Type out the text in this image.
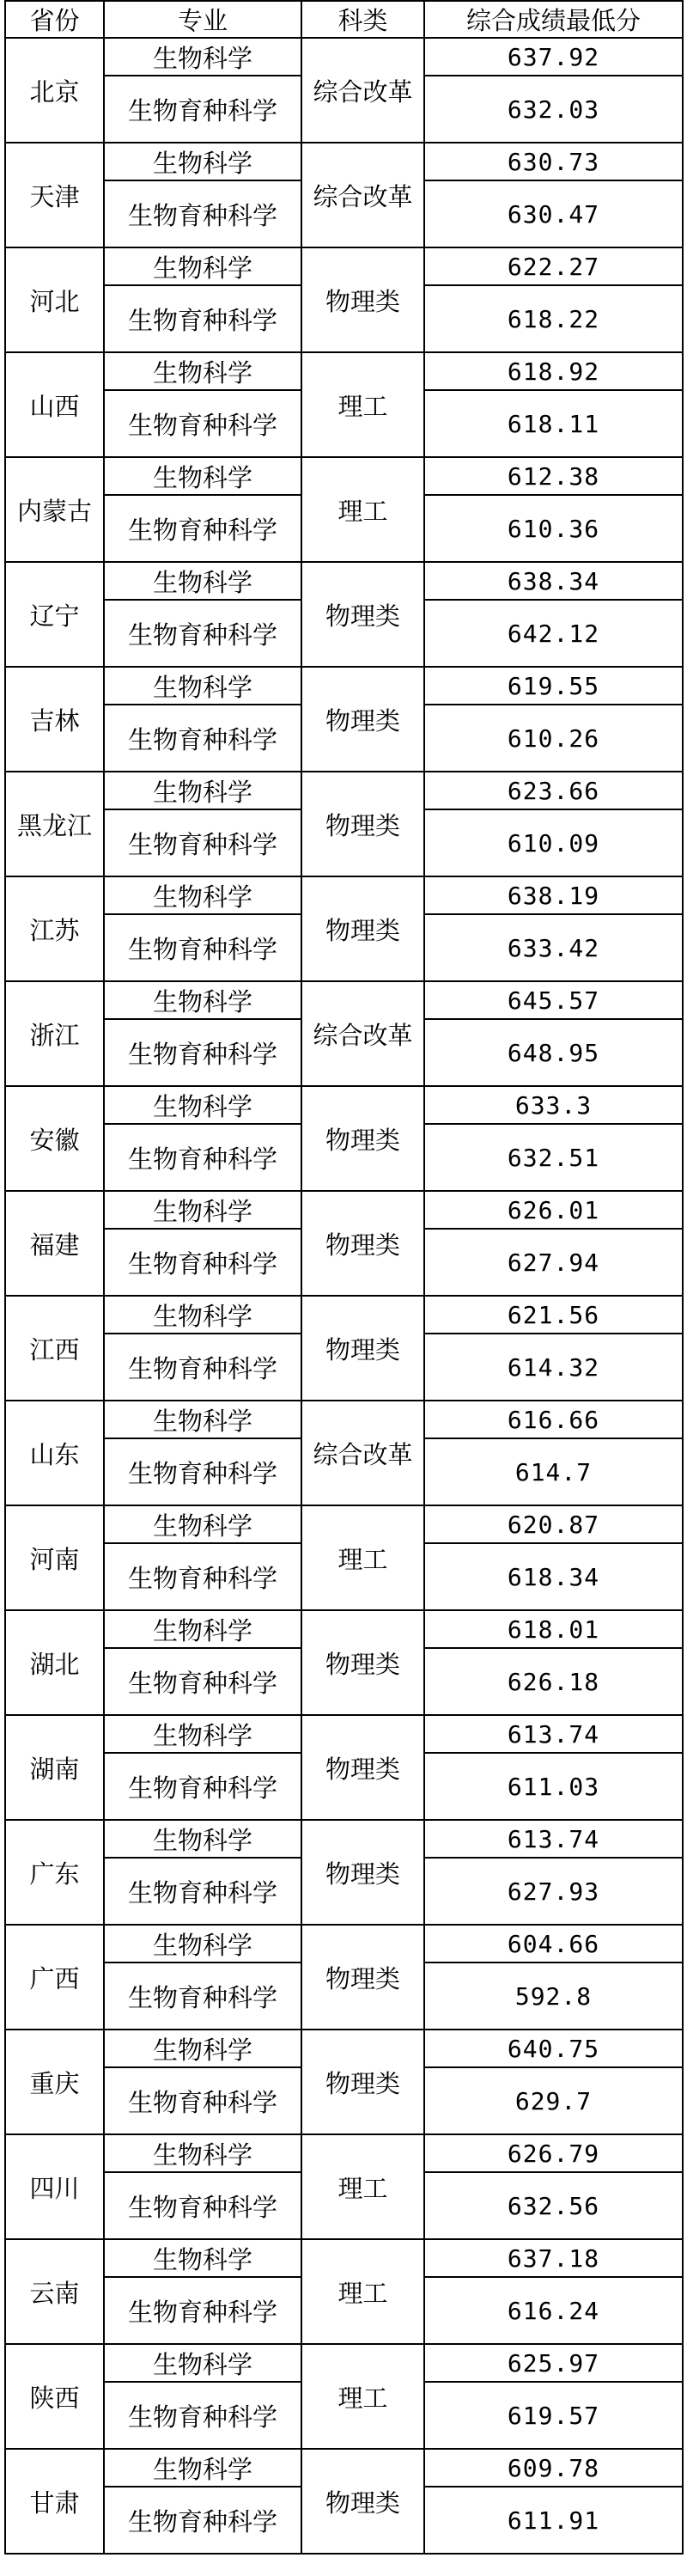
省份	专业	科类	综合成绩最低分
北京	生物科学	综合改革	637.92
	生物育种科学		632.03
天津	生物科学	综合改革	630.73
	生物育种科学		630.47
河北	生物科学	物理类	622.27
	生物育种科学		618.22
山西	生物科学	理工	618.92
	生物育种科学		618.11
内蒙古	生物科学	理工	612.38
	生物育种科学		610.36
辽宁	生物科学	物理类	638.34
	生物育种科学		642.12
吉林	生物科学	物理类	619.55
	生物育种科学		610.26
黑龙江	生物科学	物理类	623.66
	生物育种科学		610.09
江苏	生物科学	物理类	638.19
	生物育种科学		633.42
浙江	生物科学	综合改革	645.57
	生物育种科学		648.95
安徽	生物科学	物理类	633.3
	生物育种科学		632.51
福建	生物科学	物理类	626.01
	生物育种科学		627.94
江西	生物科学	物理类	621.56
	生物育种科学		614.32
山东	生物科学	综合改革	616.66
	生物育种科学		614.7
河南	生物科学	理工	620.87
	生物育种科学		618.34
湖北	生物科学	物理类	618.01
	生物育种科学		626.18
湖南	生物科学	物理类	613.74
	生物育种科学		611.03
广东	生物科学	物理类	613.74
	生物育种科学		627.93
广西	生物科学	物理类	604.66
	生物育种科学		592.8
重庆	生物科学	物理类	640.75
	生物育种科学		629.7
四川	生物科学	理工	626.79
	生物育种科学		632.56
云南	生物科学	理工	637.18
	生物育种科学		616.24
陕西	生物科学	理工	625.97
	生物育种科学		619.57
甘肃	生物科学	物理类	609.78
	生物育种科学		611.91
